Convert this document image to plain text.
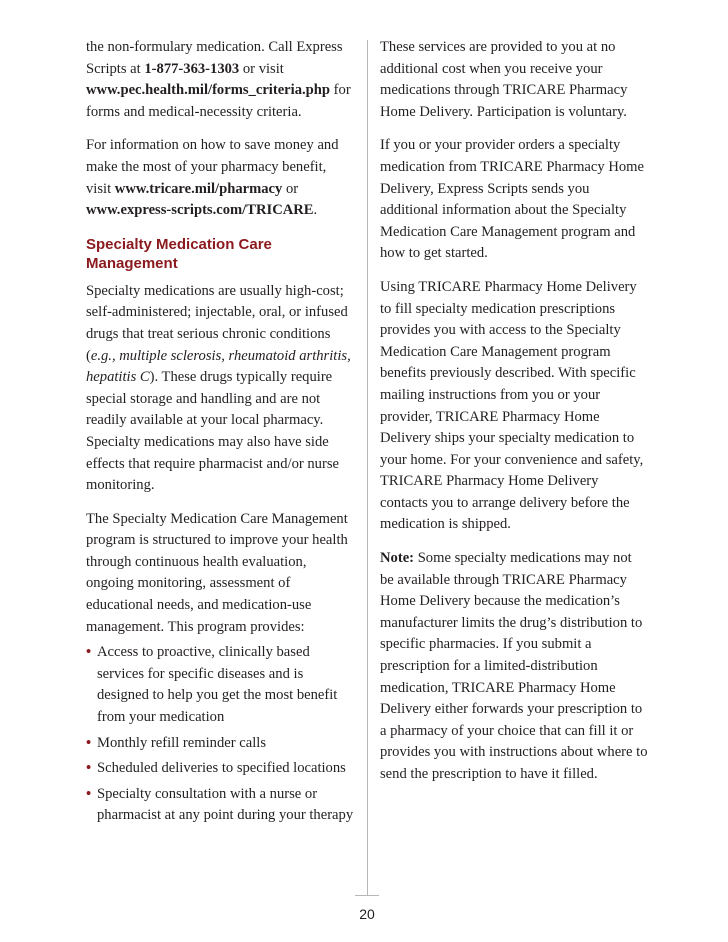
the non-formulary medication. Call Express Scripts at 1-877-363-1303 or visit www.pec.health.mil/forms_criteria.php for forms and medical-necessity criteria.

For information on how to save money and make the most of your pharmacy benefit, visit www.tricare.mil/pharmacy or www.express-scripts.com/TRICARE.

Specialty Medication Care Management

Specialty medications are usually high-cost; self-administered; injectable, oral, or infused drugs that treat serious chronic conditions (e.g., multiple sclerosis, rheumatoid arthritis, hepatitis C). These drugs typically require special storage and handling and are not readily available at your local pharmacy. Specialty medications may also have side effects that require pharmacist and/or nurse monitoring.

The Specialty Medication Care Management program is structured to improve your health through continuous health evaluation, ongoing monitoring, assessment of educational needs, and medication-use management. This program provides:

• Access to proactive, clinically based services for specific diseases and is designed to help you get the most benefit from your medication
• Monthly refill reminder calls
• Scheduled deliveries to specified locations
• Specialty consultation with a nurse or pharmacist at any point during your therapy

These services are provided to you at no additional cost when you receive your medications through TRICARE Pharmacy Home Delivery. Participation is voluntary.

If you or your provider orders a specialty medication from TRICARE Pharmacy Home Delivery, Express Scripts sends you additional information about the Specialty Medication Care Management program and how to get started.

Using TRICARE Pharmacy Home Delivery to fill specialty medication prescriptions provides you with access to the Specialty Medication Care Management program benefits previously described. With specific mailing instructions from you or your provider, TRICARE Pharmacy Home Delivery ships your specialty medication to your home. For your convenience and safety, TRICARE Pharmacy Home Delivery contacts you to arrange delivery before the medication is shipped.

Note: Some specialty medications may not be available through TRICARE Pharmacy Home Delivery because the medication’s manufacturer limits the drug’s distribution to specific pharmacies. If you submit a prescription for a limited-distribution medication, TRICARE Pharmacy Home Delivery either forwards your prescription to a pharmacy of your choice that can fill it or provides you with instructions about where to send the prescription to have it filled.

20
